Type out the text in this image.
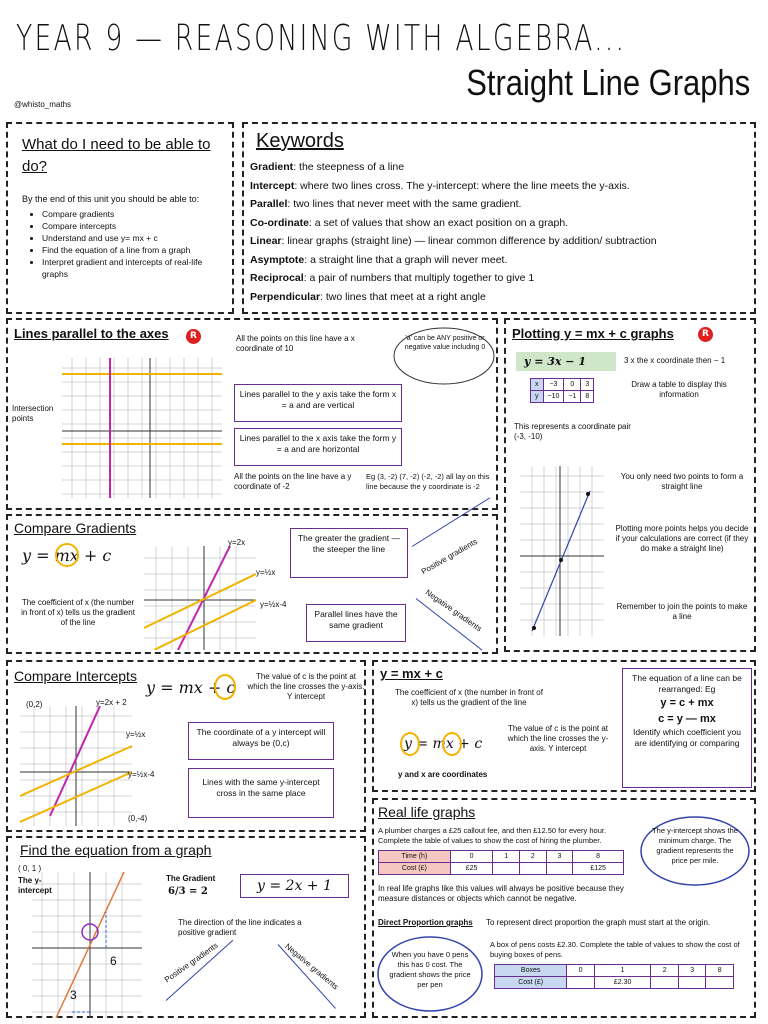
YEAR 9 — REASONING WITH ALGEBRA...
Straight Line Graphs
@whisto_maths
What do I need to be able to do?
By the end of this unit you should be able to:
• Compare gradients
• Compare intercepts
• Understand and use y= mx + c
• Find the equation of a line from a graph
• Interpret gradient and intercepts of real-life graphs
Keywords
Gradient: the steepness of a line
Intercept: where two lines cross. The y-intercept: where the line meets the y-axis.
Parallel: two lines that never meet with the same gradient.
Co-ordinate: a set of values that show an exact position on a graph.
Linear: linear graphs (straight line) — linear common difference by addition/ subtraction
Asymptote: a straight line that a graph will never meet.
Reciprocal: a pair of numbers that multiply together to give 1
Perpendicular: two lines that meet at a right angle
Lines parallel to the axes	R	All the points on this line have a x coordinate of 10
'a' can be ANY positive or negative value including 0
Intersection points
Lines parallel to the y axis take the form x = a and are vertical
Lines parallel to the x axis take the form y = a and are horizontal
All the points on the line have a y coordinate of -2
Eg (3, -2) (7, -2) (-2, -2) all lay on this line because the y coordinate is -2
Plotting y = mx + c graphs	R
y = 3x − 1	3 x the x coordinate then − 1
x	−3	0	3
y	−10	−1	8
Draw a table to display this information
This represents a coordinate pair (-3, -10)
You only need two points to form a straight line
Plotting more points helps you decide if your calculations are correct (if they do make a straight line)
Remember to join the points to make a line
Compare Gradients
y = mx + c
The coefficient of x (the number in front of x) tells us the gradient of the line
y=2x
y=½x
y=½x-4
The greater the gradient — the steeper the line
Parallel lines have the same gradient
Positive gradients
Negative gradients
Compare Intercepts
y = mx + c
The value of c is the point at which the line crosses the y-axis. Y intercept
(0,2)	y=2x + 2
y=½x
y=½x-4
(0,-4)
The coordinate of a y intercept will always be (0,c)
Lines with the same y-intercept cross in the same place
y = mx + c
The coefficient of x (the number in front of x) tells us the gradient of the line
y = mx + c
The value of c is the point at which the line crosses the y-axis. Y intercept
y and x are coordinates
The equation of a line can be rearranged: Eg
y = c + mx
c = y — mx
Identify which coefficient you are identifying or comparing
Find the equation from a graph
( 0, 1 )
The y-intercept
The Gradient
6/3 = 2	y = 2x + 1
The direction of the line indicates a positive gradient
Positive gradients	Negative gradients
6
3
Real life graphs
A plumber charges a £25 callout fee, and then £12.50 for every hour. Complete the table of values to show the cost of hiring the plumber.
Time (h)	0	1	2	3	8
Cost (£)	£25				£125
The y-intercept shows the minimum charge. The gradient represents the price per mile.
In real life graphs like this values will always be positive because they measure distances or objects which cannot be negative.
Direct Proportion graphs To represent direct proportion the graph must start at the origin.
When you have 0 pens this has 0 cost. The gradient shows the price per pen
A box of pens costs £2.30. Complete the table of values to show the cost of buying boxes of pens.
Boxes	0	1	2	3	8
Cost (£)		£2.30			
